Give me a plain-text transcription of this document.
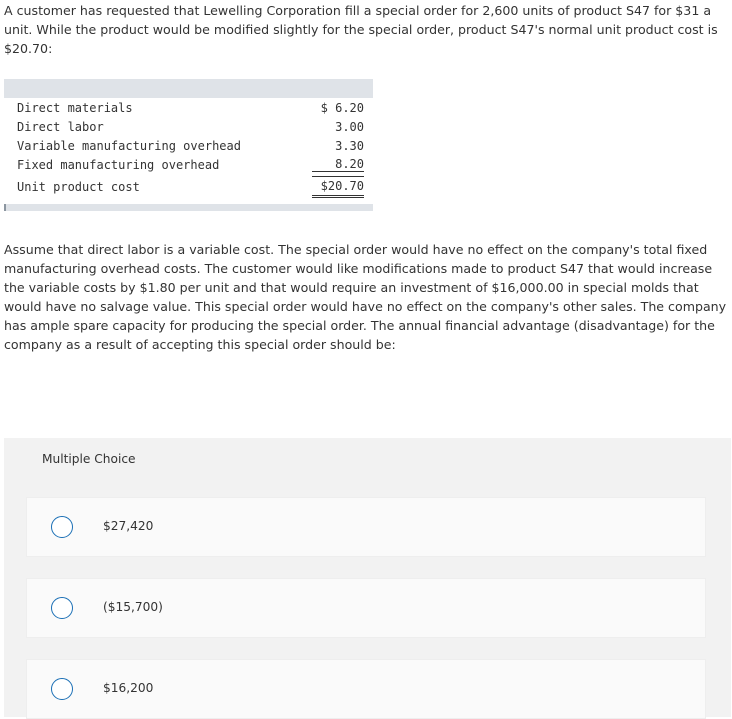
A customer has requested that Lewelling Corporation fill a special order for 2,600 units of product S47 for $31 a unit. While the product would be modified slightly for the special order, product S47's normal unit product cost is $20.70:

Direct materials	$ 6.20
Direct labor	3.00
Variable manufacturing overhead	3.30
Fixed manufacturing overhead	8.20
Unit product cost	$20.70

Assume that direct labor is a variable cost. The special order would have no effect on the company's total fixed manufacturing overhead costs. The customer would like modifications made to product S47 that would increase the variable costs by $1.80 per unit and that would require an investment of $16,000.00 in special molds that would have no salvage value. This special order would have no effect on the company's other sales. The company has ample spare capacity for producing the special order. The annual financial advantage (disadvantage) for the company as a result of accepting this special order should be:

Multiple Choice
$27,420
($15,700)
$16,200
